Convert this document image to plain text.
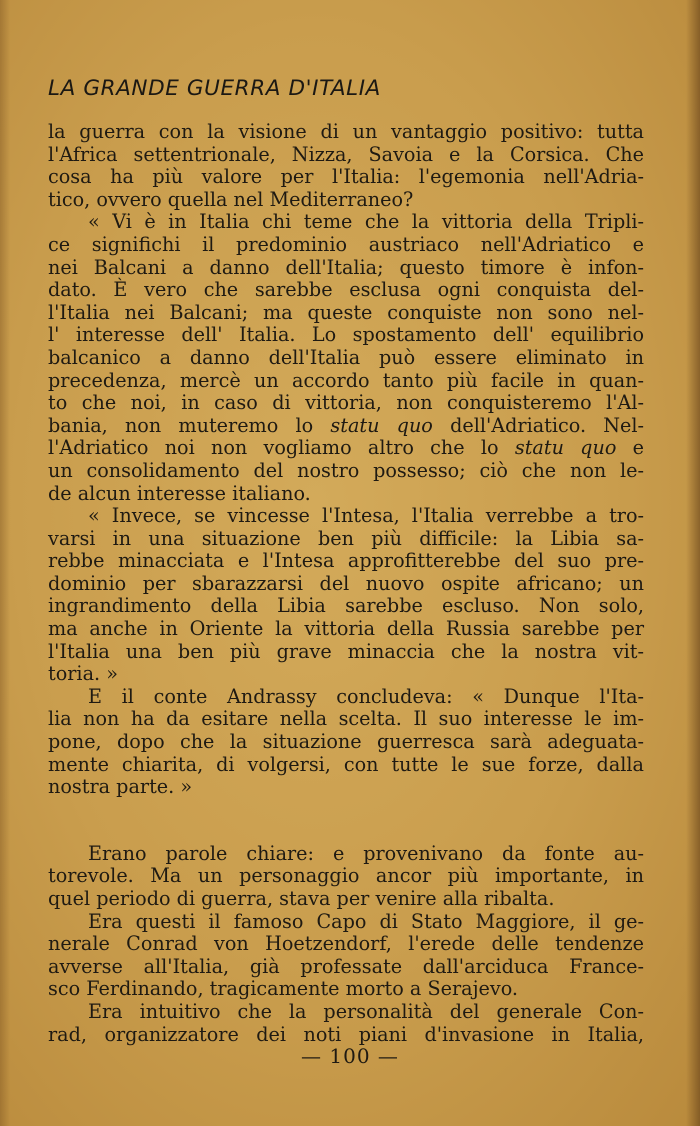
LA GRANDE GUERRA D'ITALIA
la guerra con la visione di un vantaggio positivo: tutta
l'Africa settentrionale, Nizza, Savoia e la Corsica. Che
cosa ha più valore per l'Italia: l'egemonia nell'Adria-
tico, ovvero quella nel Mediterraneo?
« Vi è in Italia chi teme che la vittoria della Tripli-
ce significhi il predominio austriaco nell'Adriatico e
nei Balcani a danno dell'Italia; questo timore è infon-
dato. È vero che sarebbe esclusa ogni conquista del-
l'Italia nei Balcani; ma queste conquiste non sono nel-
l' interesse dell' Italia. Lo spostamento dell' equilibrio
balcanico a danno dell'Italia può essere eliminato in
precedenza, mercè un accordo tanto più facile in quan-
to che noi, in caso di vittoria, non conquisteremo l'Al-
bania, non muteremo lo statu quo dell'Adriatico. Nel-
l'Adriatico noi non vogliamo altro che lo statu quo e
un consolidamento del nostro possesso; ciò che non le-
de alcun interesse italiano.
« Invece, se vincesse l'Intesa, l'Italia verrebbe a tro-
varsi in una situazione ben più difficile: la Libia sa-
rebbe minacciata e l'Intesa approfitterebbe del suo pre-
dominio per sbarazzarsi del nuovo ospite africano; un
ingrandimento della Libia sarebbe escluso. Non solo,
ma anche in Oriente la vittoria della Russia sarebbe per
l'Italia una ben più grave minaccia che la nostra vit-
toria. »
E il conte Andrassy concludeva: « Dunque l'Ita-
lia non ha da esitare nella scelta. Il suo interesse le im-
pone, dopo che la situazione guerresca sarà adeguata-
mente chiarita, di volgersi, con tutte le sue forze, dalla
nostra parte. »
Erano parole chiare: e provenivano da fonte au-
torevole. Ma un personaggio ancor più importante, in
quel periodo di guerra, stava per venire alla ribalta.
Era questi il famoso Capo di Stato Maggiore, il ge-
nerale Conrad von Hoetzendorf, l'erede delle tendenze
avverse all'Italia, già professate dall'arciduca France-
sco Ferdinando, tragicamente morto a Serajevo.
Era intuitivo che la personalità del generale Con-
rad, organizzatore dei noti piani d'invasione in Italia,
— 100 —
